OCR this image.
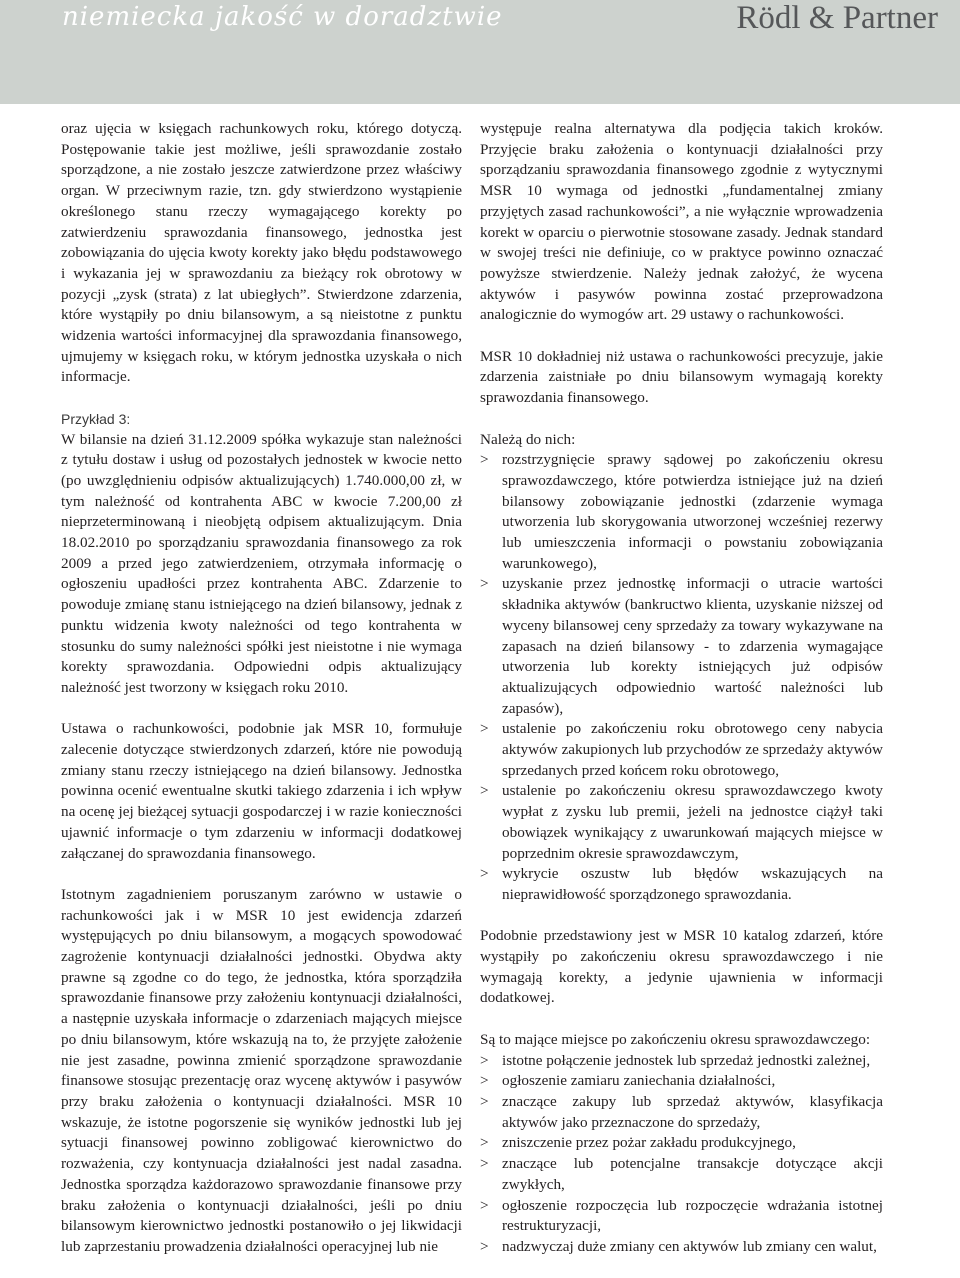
niemiecka jakość w doradztwie	Rödl & Partner

oraz ujęcia w księgach rachunkowych roku, którego dotyczą. Postępowanie takie jest możliwe, jeśli sprawozdanie zostało sporządzone, a nie zostało jeszcze zatwierdzone przez właściwy organ. W przeciwnym razie, tzn. gdy stwierdzono wystąpienie określonego stanu rzeczy wymagającego korekty po zatwierdzeniu sprawozdania finansowego, jednostka jest zobowiązania do ujęcia kwoty korekty jako błędu podstawowego i wykazania jej w sprawozdaniu za bieżący rok obrotowy w pozycji „zysk (strata) z lat ubiegłych”. Stwierdzone zdarzenia, które wystąpiły po dniu bilansowym, a są nieistotne z punktu widzenia wartości informacyjnej dla sprawozdania finansowego, ujmujemy w księgach roku, w którym jednostka uzyskała o nich informacje.

Przykład 3:

W bilansie na dzień 31.12.2009 spółka wykazuje stan należności z tytułu dostaw i usług od pozostałych jednostek w kwocie netto (po uwzględnieniu odpisów aktualizujących) 1.740.000,00 zł, w tym należność od kontrahenta ABC w kwocie 7.200,00 zł nieprzeterminowaną i nieobjętą odpisem aktualizującym. Dnia 18.02.2010 po sporządzaniu sprawozdania finansowego za rok 2009 a przed jego zatwierdzeniem, otrzymała informację o ogłoszeniu upadłości przez kontrahenta ABC. Zdarzenie to powoduje zmianę stanu istniejącego na dzień bilansowy, jednak z punktu widzenia kwoty należności od tego kontrahenta w stosunku do sumy należności spółki jest nieistotne i nie wymaga korekty sprawozdania. Odpowiedni odpis aktualizujący należność jest tworzony w księgach roku 2010.

Ustawa o rachunkowości, podobnie jak MSR 10, formułuje zalecenie dotyczące stwierdzonych zdarzeń, które nie powodują zmiany stanu rzeczy istniejącego na dzień bilansowy. Jednostka powinna ocenić ewentualne skutki takiego zdarzenia i ich wpływ na ocenę jej bieżącej sytuacji gospodarczej i w razie konieczności ujawnić informacje o tym zdarzeniu w informacji dodatkowej załączanej do sprawozdania finansowego.

Istotnym zagadnieniem poruszanym zarówno w ustawie o rachunkowości jak i w MSR 10 jest ewidencja zdarzeń występujących po dniu bilansowym, a mogących spowodować zagrożenie kontynuacji działalności jednostki. Obydwa akty prawne są zgodne co do tego, że jednostka, która sporządziła sprawozdanie finansowe przy założeniu kontynuacji działalności, a następnie uzyskała informacje o zdarzeniach mających miejsce po dniu bilansowym, które wskazują na to, że przyjęte założenie nie jest zasadne, powinna zmienić sporządzone sprawozdanie finansowe stosując prezentację oraz wycenę aktywów i pasywów przy braku założenia o kontynuacji działalności. MSR 10 wskazuje, że istotne pogorszenie się wyników jednostki lub jej sytuacji finansowej powinno zobligować kierownictwo do rozważenia, czy kontynuacja działalności jest nadal zasadna. Jednostka sporządza każdorazowo sprawozdanie finansowe przy braku założenia o kontynuacji działalności, jeśli po dniu bilansowym kierownictwo jednostki postanowiło o jej likwidacji lub zaprzestaniu prowadzenia działalności operacyjnej lub nie

występuje realna alternatywa dla podjęcia takich kroków. Przyjęcie braku założenia o kontynuacji działalności przy sporządzaniu sprawozdania finansowego zgodnie z wytycznymi MSR 10 wymaga od jednostki „fundamentalnej zmiany przyjętych zasad rachunkowości”, a nie wyłącznie wprowadzenia korekt w oparciu o pierwotnie stosowane zasady. Jednak standard w swojej treści nie definiuje, co w praktyce powinno oznaczać powyższe stwierdzenie. Należy jednak założyć, że wycena aktywów i pasywów powinna zostać przeprowadzona analogicznie do wymogów art. 29 ustawy o rachunkowości.

MSR 10 dokładniej niż ustawa o rachunkowości precyzuje, jakie zdarzenia zaistniałe po dniu bilansowym wymagają korekty sprawozdania finansowego.

Należą do nich:

> rozstrzygnięcie sprawy sądowej po zakończeniu okresu sprawozdawczego, które potwierdza istniejące już na dzień bilansowy zobowiązanie jednostki (zdarzenie wymaga utworzenia lub skorygowania utworzonej wcześniej rezerwy lub umieszczenia informacji o powstaniu zobowiązania warunkowego),
> uzyskanie przez jednostkę informacji o utracie wartości składnika aktywów (bankructwo klienta, uzyskanie niższej od wyceny bilansowej ceny sprzedaży za towary wykazywane na zapasach na dzień bilansowy - to zdarzenia wymagające utworzenia lub korekty istniejących już odpisów aktualizujących odpowiednio wartość należności lub zapasów),
> ustalenie po zakończeniu roku obrotowego ceny nabycia aktywów zakupionych lub przychodów ze sprzedaży aktywów sprzedanych przed końcem roku obrotowego,
> ustalenie po zakończeniu okresu sprawozdawczego kwoty wypłat z zysku lub premii, jeżeli na jednostce ciążył taki obowiązek wynikający z uwarunkowań mających miejsce w poprzednim okresie sprawozdawczym,
> wykrycie oszustw lub błędów wskazujących na nieprawidłowość sporządzonego sprawozdania.

Podobnie przedstawiony jest w MSR 10 katalog zdarzeń, które wystąpiły po zakończeniu okresu sprawozdawczego i nie wymagają korekty, a jedynie ujawnienia w informacji dodatkowej.

Są to mające miejsce po zakończeniu okresu sprawozdawczego:

> istotne połączenie jednostek lub sprzedaż jednostki zależnej,
> ogłoszenie zamiaru zaniechania działalności,
> znaczące zakupy lub sprzedaż aktywów, klasyfikacja aktywów jako przeznaczone do sprzedaży,
> zniszczenie przez pożar zakładu produkcyjnego,
> znaczące lub potencjalne transakcje dotyczące akcji zwykłych,
> ogłoszenie rozpoczęcia lub rozpoczęcie wdrażania istotnej restrukturyzacji,
> nadzwyczaj duże zmiany cen aktywów lub zmiany cen walut,
